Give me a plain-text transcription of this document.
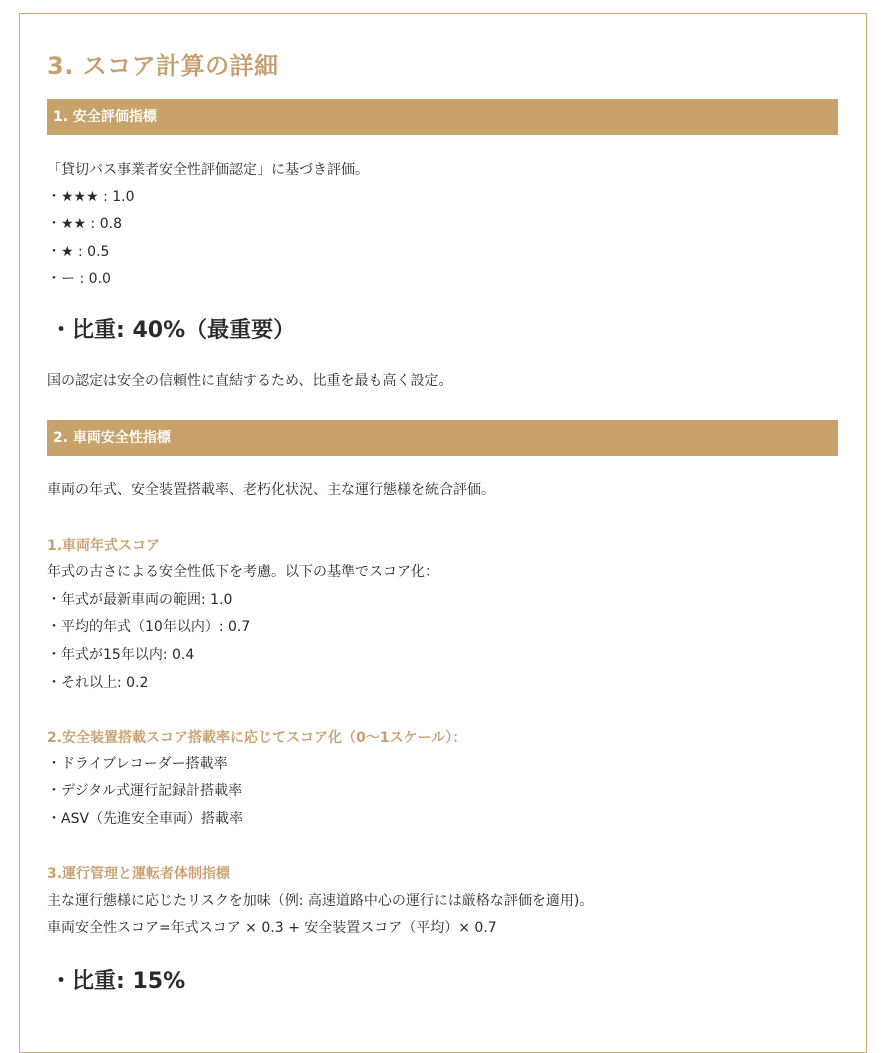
3. スコア計算の詳細
1. 安全評価指標
「貸切バス事業者安全性評価認定」に基づき評価。
・★★★ : 1.0
・★★ : 0.8
・★ : 0.5
・ー : 0.0
・比重: 40%（最重要）
国の認定は安全の信頼性に直結するため、比重を最も高く設定。
2. 車両安全性指標
車両の年式、安全装置搭載率、老朽化状況、主な運行態様を統合評価。
1.車両年式スコア
年式の古さによる安全性低下を考慮。以下の基準でスコア化：
・年式が最新車両の範囲: 1.0
・平均的年式（10年以内）: 0.7
・年式が15年以内: 0.4
・それ以上: 0.2
2.安全装置搭載スコア搭載率に応じてスコア化（0〜1スケール）：
・ドライブレコーダー搭載率
・デジタル式運行記録計搭載率
・ASV（先進安全車両）搭載率
3.運行管理と運転者体制指標
主な運行態様に応じたリスクを加味（例: 高速道路中心の運行には厳格な評価を適用)。
車両安全性スコア=年式スコア × 0.3 + 安全装置スコア（平均）× 0.7
・比重: 15%
